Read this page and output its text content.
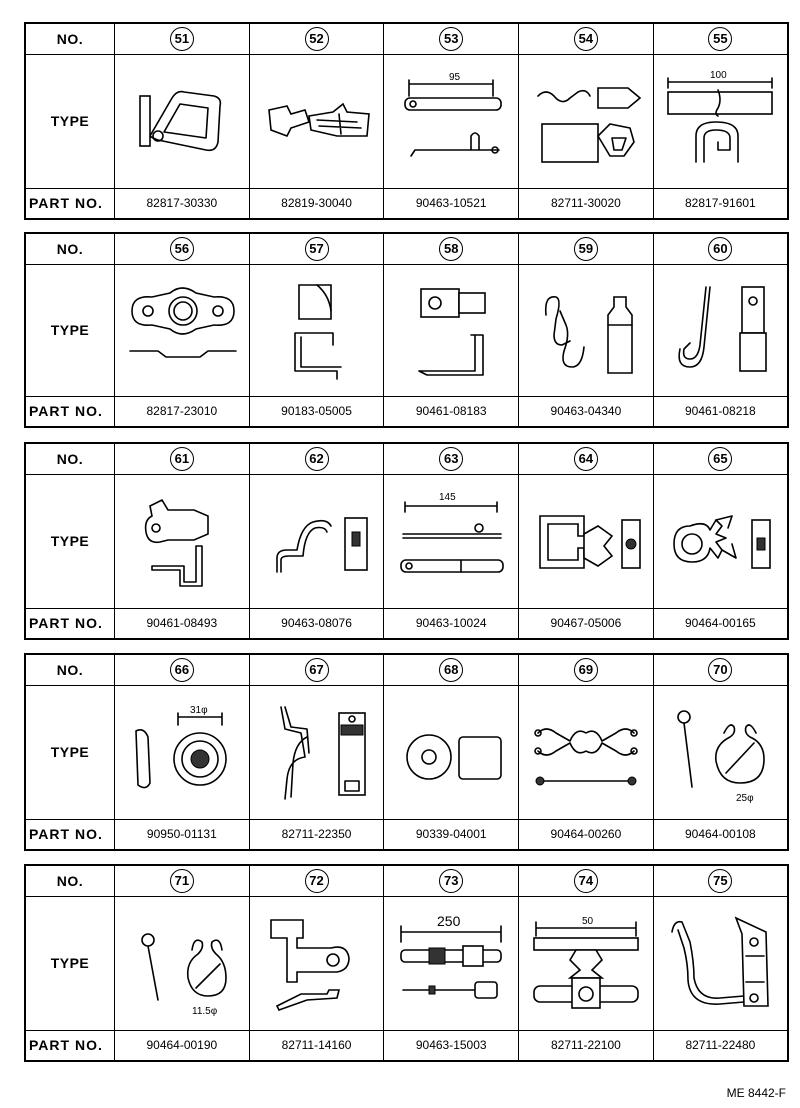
NO.	51	52	53	54	55
TYPE			95		100

PART NO.	82817-30330	82819-30040	90463-10521	82711-30020	82817-91601
NO.	56	57	58	59	60
TYPE	

PART NO.	82817-23010	90183-05005	90461-08183	90463-04340	90461-08218
NO.	61	62	63	64	65
TYPE			145

PART NO.	90461-08493	90463-08076	90463-10024	90467-05006	90464-00165
NO.	66	67	68	69	70
TYPE	31φ				25φ

PART NO.	90950-01131	82711-22350	90339-04001	90464-00260	90464-00108
NO.	71	72	73	74	75
TYPE	11.5φ		250	50

PART NO.	90464-00190	82711-14160	90463-15003	82711-22100	82711-22480
ME 8442-F
